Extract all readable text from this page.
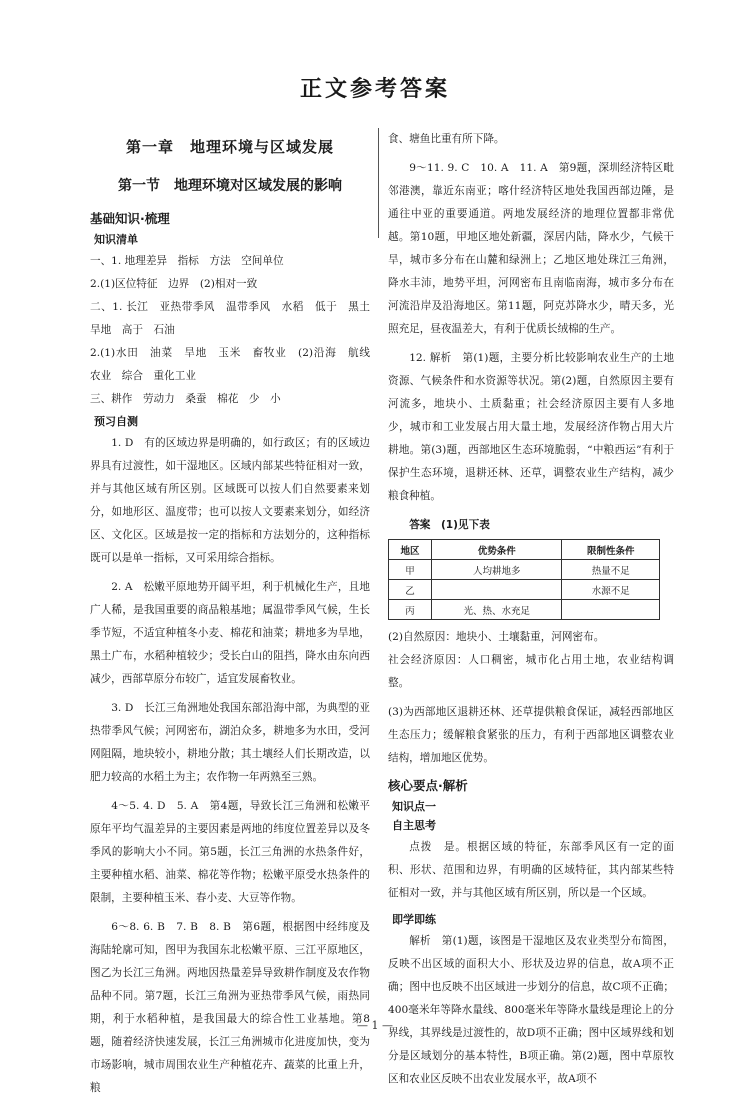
正文参考答案
第一章　地理环境与区域发展
第一节　地理环境对区域发展的影响
基础知识·梳理
知识清单

一、1. 地理差异　指标　方法　空间单位

2.(1)区位特征　边界　(2)相对一致

二、1. 长江　亚热带季风　温带季风　水稻　低于　黑土　旱地　高于　石油

2.(1)水田　油菜　旱地　玉米　畜牧业　(2)沿海　航线　农业　综合　重化工业

三、耕作　劳动力　桑蚕　棉花　少　小

预习自测

1. D　有的区域边界是明确的，如行政区；有的区域边界具有过渡性，如干湿地区。区域内部某些特征相对一致，并与其他区域有所区别。区域既可以按人们自然要素来划分，如地形区、温度带；也可以按人文要素来划分，如经济区、文化区。区域是按一定的指标和方法划分的，这种指标既可以是单一指标，又可采用综合指标。

2. A　松嫩平原地势开阔平坦，利于机械化生产，且地广人稀，是我国重要的商品粮基地；属温带季风气候，生长季节短，不适宜种植冬小麦、棉花和油菜；耕地多为旱地，黑土广布，水稻种植较少；受长白山的阻挡，降水由东向西减少，西部草原分布较广，适宜发展畜牧业。

3. D　长江三角洲地处我国东部沿海中部，为典型的亚热带季风气候；河网密布，湖泊众多，耕地多为水田，受河网阻隔，地块较小，耕地分散；其土壤经人们长期改造，以肥力较高的水稻土为主；农作物一年两熟至三熟。

4～5. 4. D　5. A　第4题，导致长江三角洲和松嫩平原年平均气温差异的主要因素是两地的纬度位置差异以及冬季风的影响大小不同。第5题，长江三角洲的水热条件好，主要种植水稻、油菜、棉花等作物；松嫩平原受水热条件的限制，主要种植玉米、春小麦、大豆等作物。

6～8. 6. B　7. B　8. B　第6题，根据图中经纬度及海陆轮廓可知，图甲为我国东北松嫩平原、三江平原地区，图乙为长江三角洲。两地因热量差异导致耕作制度及农作物品种不同。第7题，长江三角洲为亚热带季风气候，雨热同期，利于水稻种植，是我国最大的综合性工业基地。第8题，随着经济快速发展，长江三角洲城市化进度加快，变为市场影响，城市周围农业生产种植花卉、蔬菜的比重上升，粮

食、塘鱼比重有所下降。

9～11. 9. C　10. A　11. A　第9题，深圳经济特区毗邻港澳，靠近东南亚；喀什经济特区地处我国西部边陲，是通往中亚的重要通道。两地发展经济的地理位置都非常优越。第10题，甲地区地处新疆，深居内陆，降水少，气候干旱，城市多分布在山麓和绿洲上；乙地区地处珠江三角洲，降水丰沛，地势平坦，河网密布且南临南海，城市多分布在河流沿岸及沿海地区。第11题，阿克苏降水少，晴天多，光照充足，昼夜温差大，有利于优质长绒棉的生产。

12. 解析　第(1)题，主要分析比较影响农业生产的土地资源、气候条件和水资源等状况。第(2)题，自然原因主要有河流多，地块小、土质黏重；社会经济原因主要有人多地少，城市和工业发展占用大量土地，发展经济作物占用大片耕地。第(3)题，西部地区生态环境脆弱，“中粮西运”有利于保护生态环境，退耕还林、还草，调整农业生产结构，减少粮食种植。

答案　(1)见下表

地区	优势条件	限制性条件
甲	人均耕地多	热量不足
乙		水源不足
丙	光、热、水充足	

(2)自然原因：地块小、土壤黏重，河网密布。

社会经济原因：人口稠密，城市化占用土地，农业结构调整。

(3)为西部地区退耕还林、还草提供粮食保证，减轻西部地区生态压力；缓解粮食紧张的压力，有利于西部地区调整农业结构，增加地区优势。

核心要点·解析
知识点一
自主思考

点拨　是。根据区域的特征，东部季风区有一定的面积、形状、范围和边界，有明确的区域特征，其内部某些特征相对一致，并与其他区域有所区别，所以是一个区域。

即学即练

解析　第(1)题，该图是干湿地区及农业类型分布简图，反映不出区域的面积大小、形状及边界的信息，故A项不正确；图中也反映不出区域进一步划分的信息，故C项不正确；400毫米年等降水量线、800毫米年等降水量线是理论上的分界线，其界线是过渡性的，故D项不正确；图中区域界线和划分是区域划分的基本特性，B项正确。第(2)题，图中草原牧区和农业区反映不出农业发展水平，故A项不

— 1 —
